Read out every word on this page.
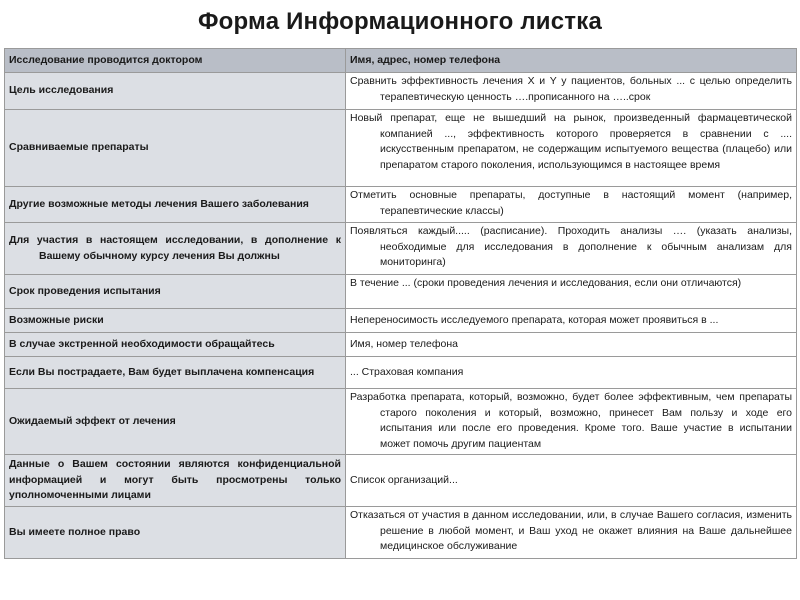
Форма Информационного листка
Исследование проводится доктором	Имя, адрес, номер телефона

Цель исследования	Сравнить эффективность лечения X и Y у пациентов, больных ... с целью определить терапевтическую ценность ….прописанного на …..срок

Сравниваемые препараты	Новый препарат, еще не вышедший на рынок, произведенный фармацевтической компанией ..., эффективность которого проверяется в сравнении с .... искусственным препаратом, не содержащим испытуемого вещества (плацебо) или препаратом старого поколения, использующимся в настоящее время

Другие возможные методы лечения Вашего заболевания	Отметить основные препараты, доступные в настоящий момент (например, терапевтические классы)

Для участия в настоящем исследовании, в дополнение к Вашему обычному курсу лечения Вы должны	Появляться каждый..... (расписание). Проходить анализы …. (указать анализы, необходимые для исследования в дополнение к обычным анализам для мониторинга)

Срок проведения испытания	В течение ... (сроки проведения лечения и исследования, если они отличаются)

Возможные риски	Непереносимость исследуемого препарата, которая может проявиться в ...

В случае экстренной необходимости обращайтесь	Имя, номер телефона

Если Вы пострадаете, Вам будет выплачена компенсация	... Страховая компания

Ожидаемый эффект от лечения	Разработка препарата, который, возможно, будет более эффективным, чем препараты старого поколения и который, возможно, принесет Вам пользу и ходе его испытания или после его проведения. Кроме того. Ваше участие в испытании может помочь другим пациентам

Данные о Вашем состоянии являются конфиденциальной информацией и могут быть просмотрены только уполномоченными лицами	Список организаций...

Вы имеете полное право	Отказаться от участия в данном исследовании, или, в случае Вашего согласия, изменить решение в любой момент, и Ваш уход не окажет влияния на Ваше дальнейшее медицинское обслуживание
